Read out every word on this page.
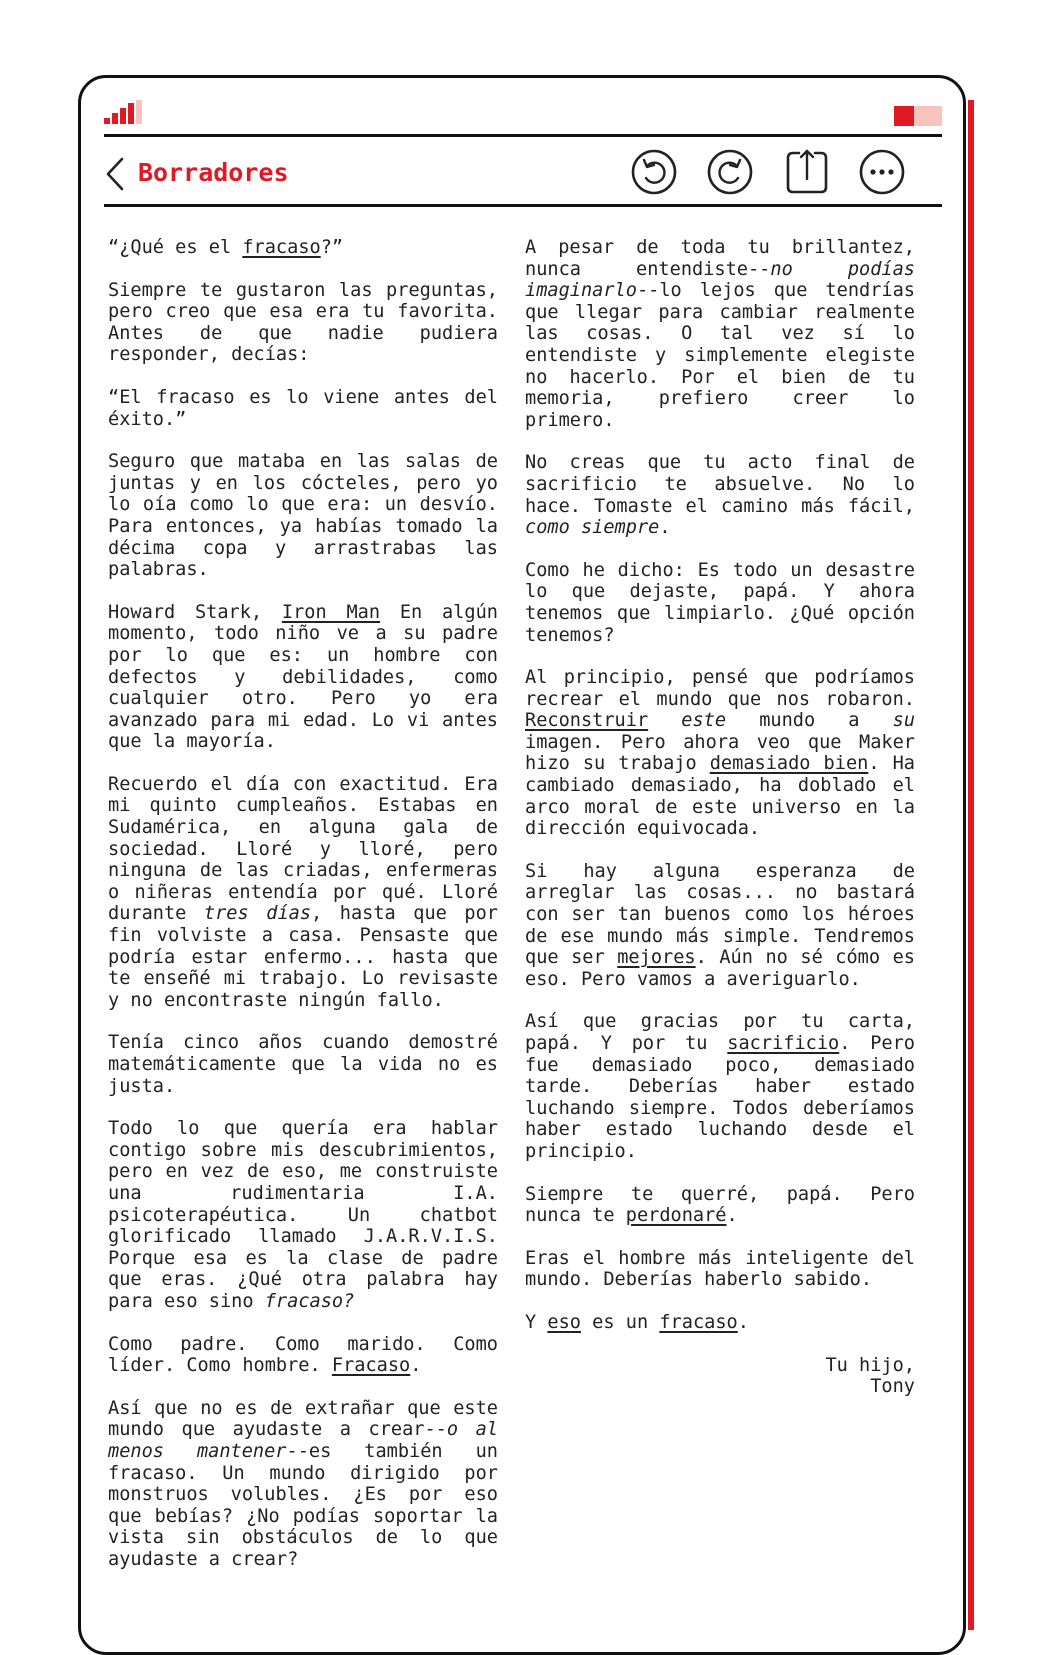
Borradores

“¿Qué es el fracaso?”

Siempre te gustaron las preguntas, pero creo que esa era tu favorita. Antes de que nadie pudiera responder, decías:

“El fracaso es lo viene antes del éxito.”

Seguro que mataba en las salas de juntas y en los cócteles, pero yo lo oía como lo que era: un desvío. Para entonces, ya habías tomado la décima copa y arrastrabas las palabras.

Howard Stark, Iron Man En algún momento, todo niño ve a su padre por lo que es: un hombre con defectos y debilidades, como cualquier otro. Pero yo era avanzado para mi edad. Lo vi antes que la mayoría.

Recuerdo el día con exactitud. Era mi quinto cumpleaños. Estabas en Sudamérica, en alguna gala de sociedad. Lloré y lloré, pero ninguna de las criadas, enfermeras o niñeras entendía por qué. Lloré durante tres días, hasta que por fin volviste a casa. Pensaste que podría estar enfermo... hasta que te enseñé mi trabajo. Lo revisaste y no encontraste ningún fallo.

Tenía cinco años cuando demostré matemáticamente que la vida no es justa.

Todo lo que quería era hablar contigo sobre mis descubrimientos, pero en vez de eso, me construiste una rudimentaria I.A. psicoterapéutica. Un chatbot glorificado llamado J.A.R.V.I.S. Porque esa es la clase de padre que eras. ¿Qué otra palabra hay para eso sino fracaso?

Como padre. Como marido. Como líder. Como hombre. Fracaso.

Así que no es de extrañar que este mundo que ayudaste a crear--o al menos mantener--es también un fracaso. Un mundo dirigido por monstruos volubles. ¿Es por eso que bebías? ¿No podías soportar la vista sin obstáculos de lo que ayudaste a crear?

A pesar de toda tu brillantez, nunca entendiste--no podías imaginarlo--lo lejos que tendrías que llegar para cambiar realmente las cosas. O tal vez sí lo entendiste y simplemente elegiste no hacerlo. Por el bien de tu memoria, prefiero creer lo primero.

No creas que tu acto final de sacrificio te absuelve. No lo hace. Tomaste el camino más fácil, como siempre.

Como he dicho: Es todo un desastre lo que dejaste, papá. Y ahora tenemos que limpiarlo. ¿Qué opción tenemos?

Al principio, pensé que podríamos recrear el mundo que nos robaron. Reconstruir este mundo a su imagen. Pero ahora veo que Maker hizo su trabajo demasiado bien. Ha cambiado demasiado, ha doblado el arco moral de este universo en la dirección equivocada.

Si hay alguna esperanza de arreglar las cosas... no bastará con ser tan buenos como los héroes de ese mundo más simple. Tendremos que ser mejores. Aún no sé cómo es eso. Pero vamos a averiguarlo.

Así que gracias por tu carta, papá. Y por tu sacrificio. Pero fue demasiado poco, demasiado tarde. Deberías haber estado luchando siempre. Todos deberíamos haber estado luchando desde el principio.

Siempre te querré, papá. Pero nunca te perdonaré.

Eras el hombre más inteligente del mundo. Deberías haberlo sabido.

Y eso es un fracaso.

Tu hijo,
Tony
